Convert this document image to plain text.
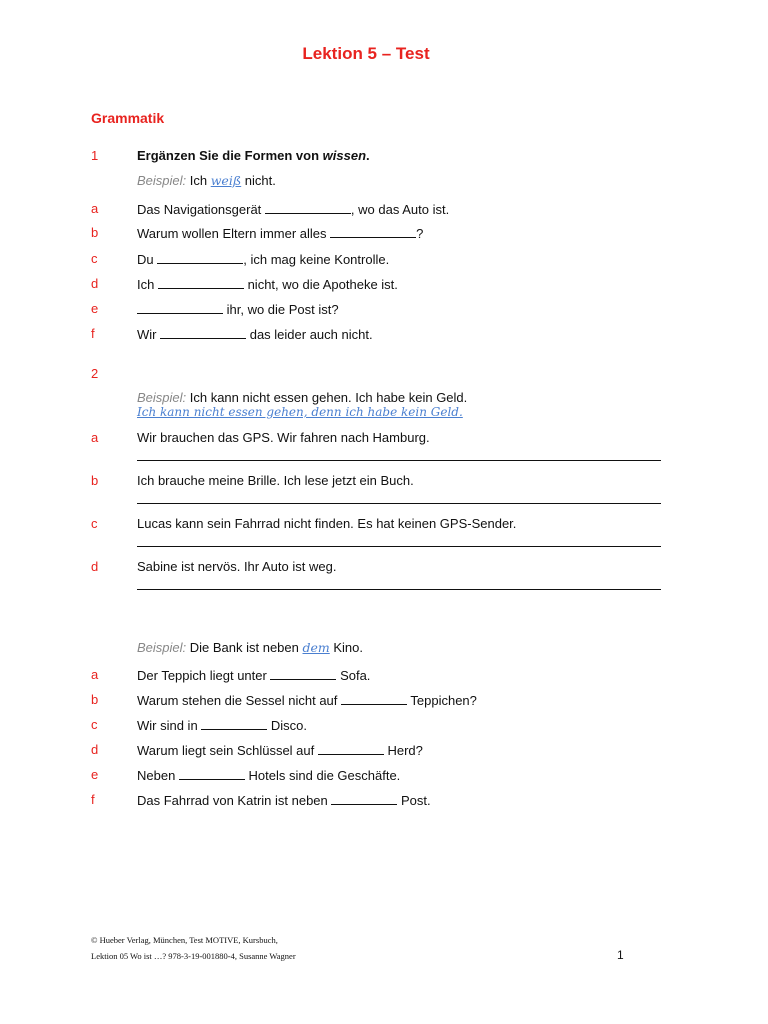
Lektion 5 – Test
Grammatik
1	Ergänzen Sie die Formen von wissen.
Beispiel: Ich weiß nicht.
a	Das Navigationsgerät	, wo das Auto ist.
b	Warum wollen Eltern immer alles	?
c	Du	, ich mag keine Kontrolle.
d	Ich	nicht, wo die Apotheke ist.
e	ihr, wo die Post ist?
f	Wir	das leider auch nicht.
2
Beispiel: Ich kann nicht essen gehen. Ich habe kein Geld.
Ich kann nicht essen gehen, denn ich habe kein Geld.
a	Wir brauchen das GPS. Wir fahren nach Hamburg.
b	Ich brauche meine Brille. Ich lese jetzt ein Buch.
c	Lucas kann sein Fahrrad nicht finden. Es hat keinen GPS-Sender.
d	Sabine ist nervös. Ihr Auto ist weg.
Beispiel: Die Bank ist neben dem Kino.
a	Der Teppich liegt unter	Sofa.
b	Warum stehen die Sessel nicht auf	Teppichen?
c	Wir sind in	Disco.
d	Warum liegt sein Schlüssel auf	Herd?
e	Neben	Hotels sind die Geschäfte.
f	Das Fahrrad von Katrin ist neben	Post.
© Hueber Verlag, München, Test MOTIVE, Kursbuch,
Lektion 05 Wo ist …? 978-3-19-001880-4, Susanne Wagner	1
